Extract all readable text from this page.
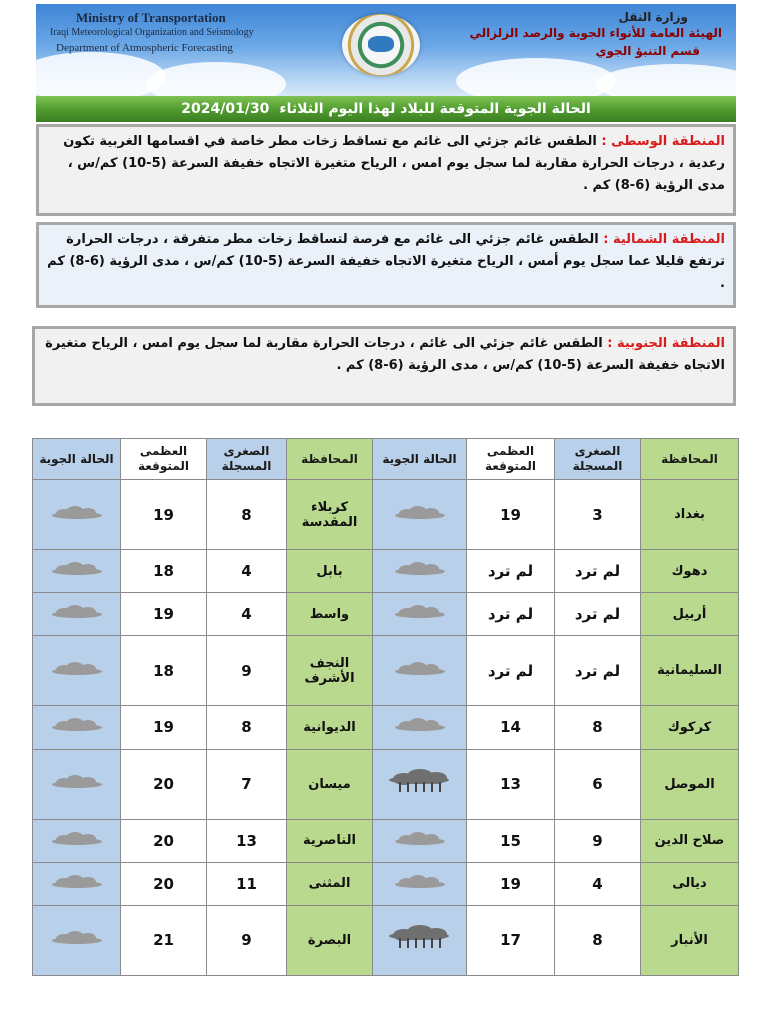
Ministry of Transportation
Iraqi Meteorological Organization and Seismology
Department of Atmospheric Forecasting
وزارة النقل
الهيئة العامة للأنواء الجوية والرصد الزلزالي
قسم التنبؤ الجوي
الحالة الجوية المتوقعة للبلاد لهذا اليوم الثلاثاء
2024/01/30
المنطقة الوسطى : الطقس غائم جزئي الى غائم مع تساقط زخات مطر خاصة في اقسامها الغربية تكون رعدية ، درجات الحرارة مقاربة لما سجل يوم امس ، الرياح متغيرة الاتجاه خفيفة السرعة (5-10) كم/س ، مدى الرؤية (6-8) كم .
المنطقة الشمالية : الطقس غائم جزئي الى غائم مع فرصة لتساقط زخات مطر متفرقة ، درجات الحرارة ترتفع قليلا عما سجل يوم أمس ، الرياح متغيرة الاتجاه خفيفة السرعة (5-10) كم/س ، مدى الرؤية (6-8) كم .
المنطقة الجنوبية : الطقس غائم جزئي الى غائم ، درجات الحرارة مقاربة لما سجل يوم امس ، الرياح متغيرة الاتجاه خفيفة السرعة (5-10) كم/س ، مدى الرؤية (6-8) كم .
المحافظة	الصغرى المسجلة	العظمى المتوقعة	الحالة الجوية	المحافظة	الصغرى المسجلة	العظمى المتوقعة	الحالة الجوية
بغداد	3	19		كربلاء المقدسة	8	19	

دهوك	لم ترد	لم ترد		بابل	4	18	

أربيل	لم ترد	لم ترد		واسط	4	19	

السليمانية	لم ترد	لم ترد		النجف الأشرف	9	18	

كركوك	8	14		الديوانية	8	19	

الموصل	6	13		ميسان	7	20	

صلاح الدين	9	15		الناصرية	13	20	

ديالى	4	19		المثنى	11	20	

الأنبار	8	17		البصرة	9	21	
